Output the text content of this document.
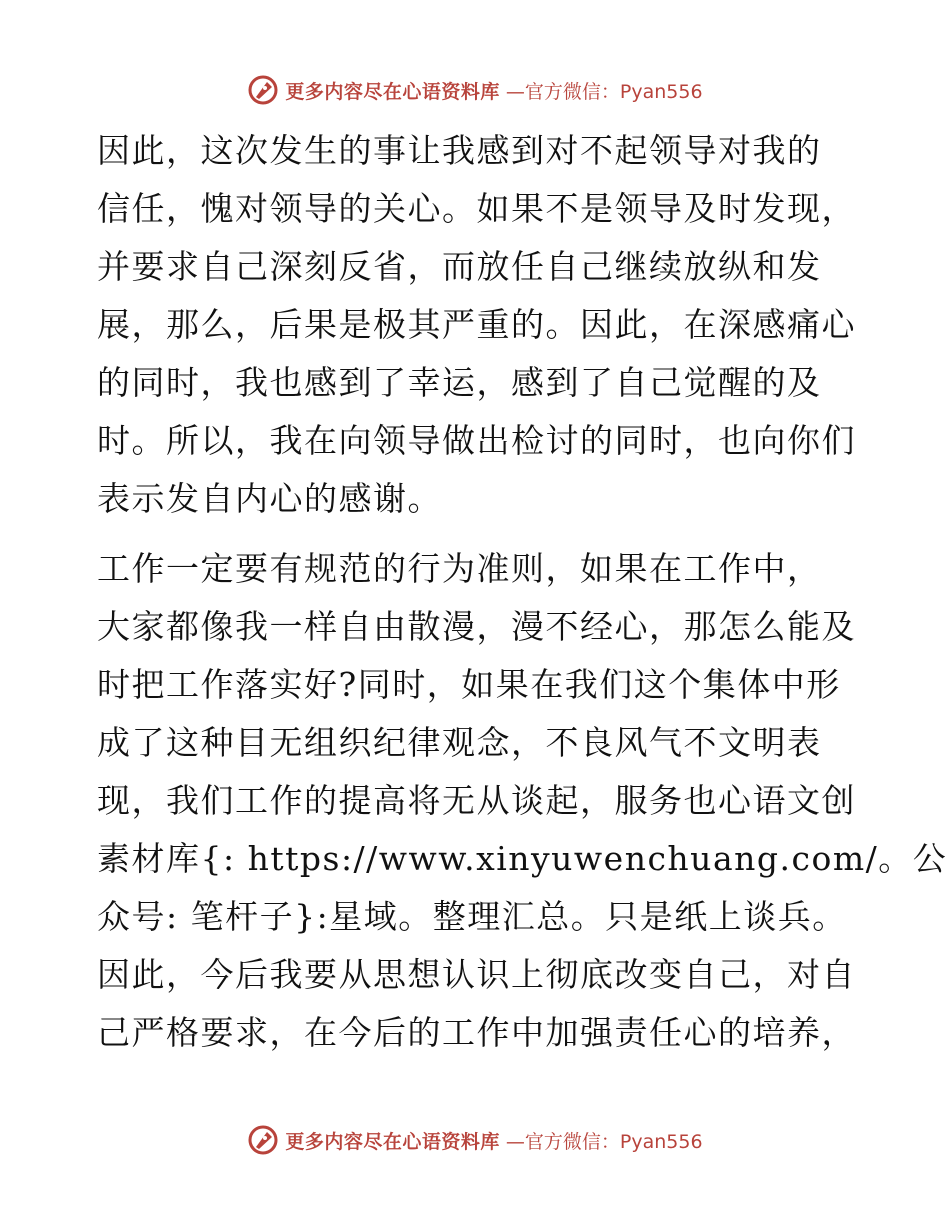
更多内容尽在心语资料库 —官方微信：Pyan556

因此，这次发生的事让我感到对不起领导对我的
信任，愧对领导的关心。如果不是领导及时发现，
并要求自己深刻反省，而放任自己继续放纵和发
展，那么，后果是极其严重的。因此，在深感痛心
的同时，我也感到了幸运，感到了自己觉醒的及
时。所以，我在向领导做出检讨的同时，也向你们
表示发自内心的感谢。

工作一定要有规范的行为准则，如果在工作中，
大家都像我一样自由散漫，漫不经心，那怎么能及
时把工作落实好?同时，如果在我们这个集体中形
成了这种目无组织纪律观念，不良风气不文明表
现，我们工作的提高将无从谈起，服务也心语文创
素材库{: https://www.xinyuwenchuang.com/。公
众号: 笔杆子}:星域。整理汇总。只是纸上谈兵。
因此，今后我要从思想认识上彻底改变自己，对自
己严格要求，在今后的工作中加强责任心的培养，

更多内容尽在心语资料库 —官方微信：Pyan556
